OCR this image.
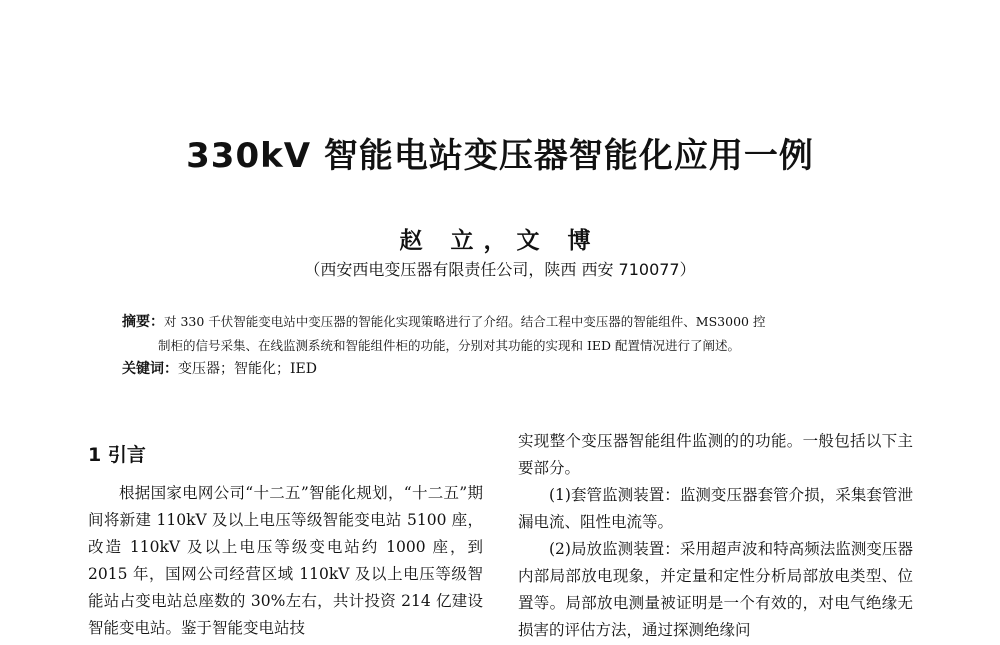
330kV 智能电站变压器智能化应用一例
赵 立，文 博
（西安西电变压器有限责任公司，陕西 西安 710077）
摘要：对 330 千伏智能变电站中变压器的智能化实现策略进行了介绍。结合工程中变压器的智能组件、MS3000 控
制柜的信号采集、在线监测系统和智能组件柜的功能，分别对其功能的实现和 IED 配置情况进行了阐述。
关键词：变压器；智能化；IED
1 引言

根据国家电网公司“十二五”智能化规划，“十二五”期间将新建 110kV 及以上电压等级智能变电站 5100 座，改造 110kV 及以上电压等级变电站约 1000 座，到 2015 年，国网公司经营区域 110kV 及以上电压等级智能站占变电站总座数的 30%左右，共计投资 214 亿建设智能变电站。鉴于智能变电站技

实现整个变压器智能组件监测的的功能。一般包括以下主要部分。

(1)套管监测装置：监测变压器套管介损，采集套管泄漏电流、阻性电流等。

(2)局放监测装置：采用超声波和特高频法监测变压器内部局部放电现象，并定量和定性分析局部放电类型、位置等。局部放电测量被证明是一个有效的，对电气绝缘无损害的评估方法，通过探测绝缘问
